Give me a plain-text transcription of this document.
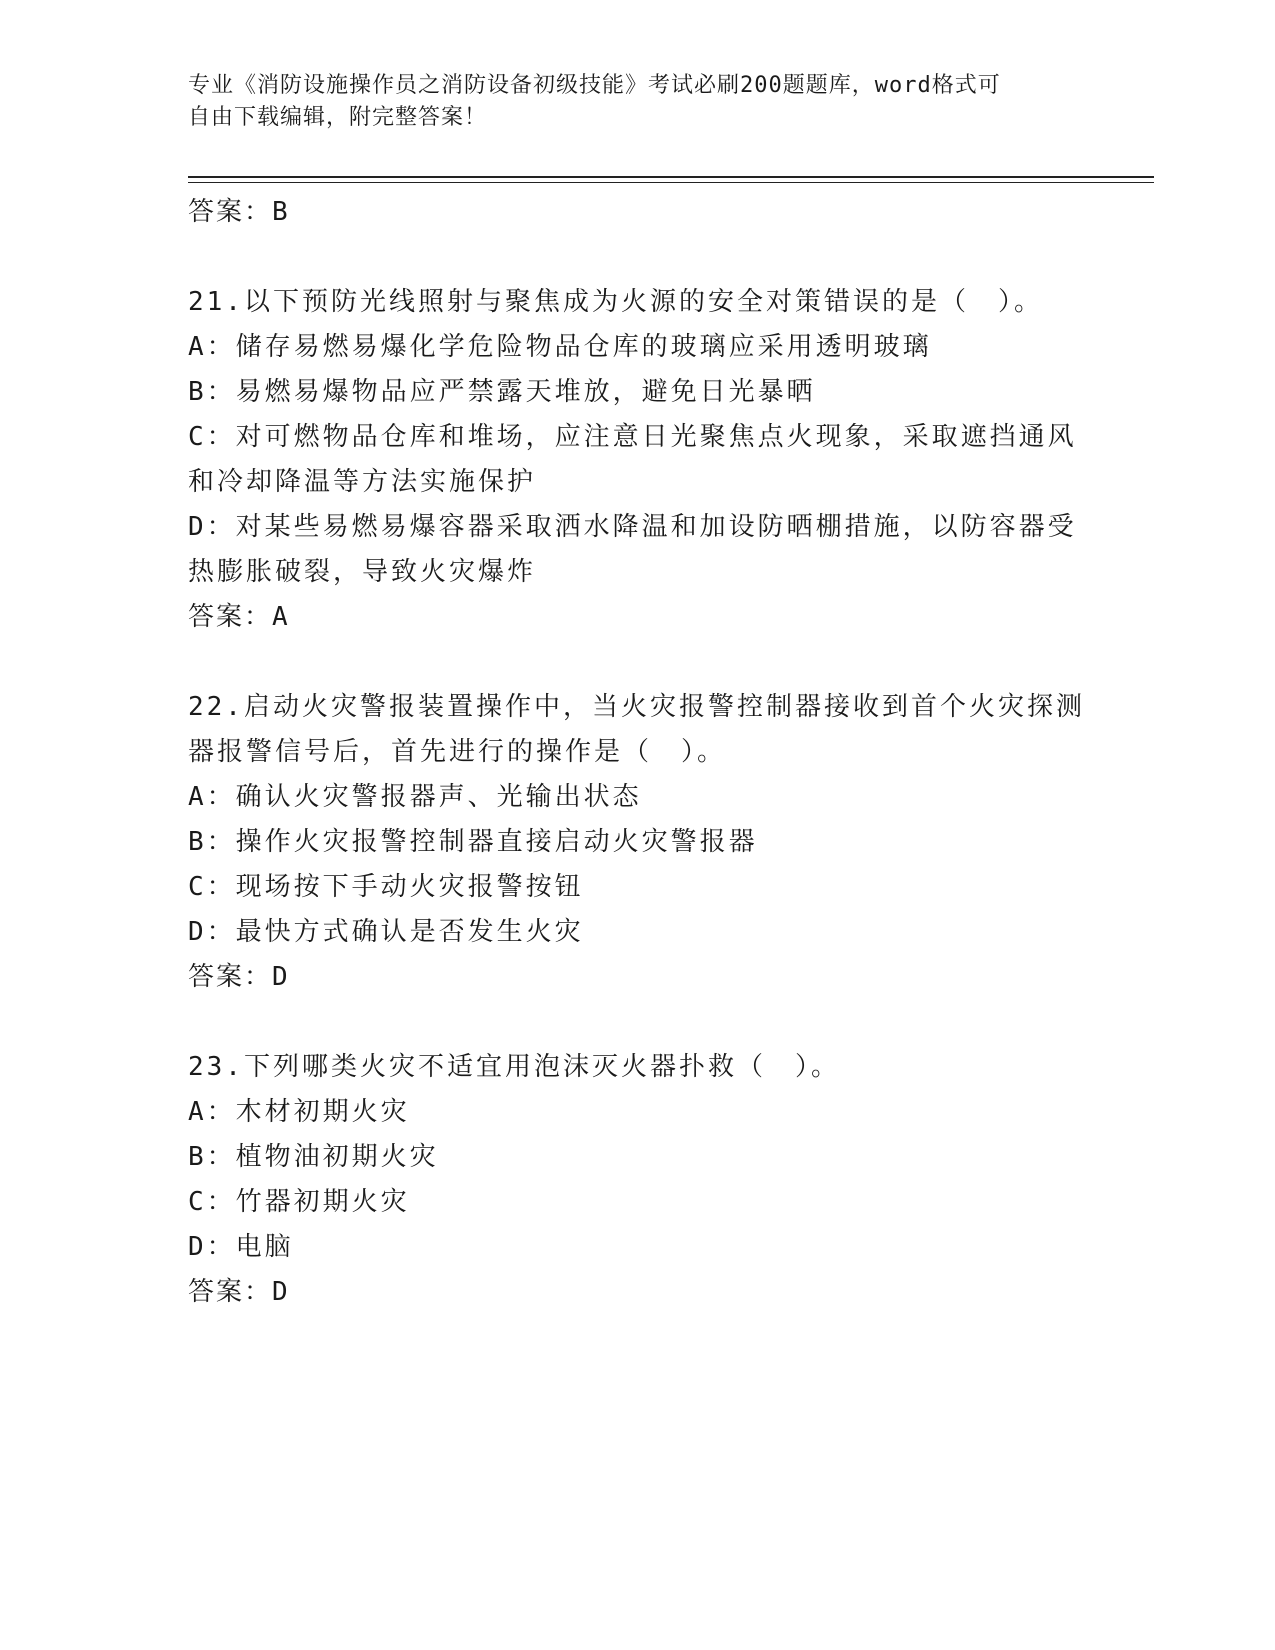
专业《消防设施操作员之消防设备初级技能》考试必刷200题题库，word格式可
自由下载编辑，附完整答案！
答案：B
21.以下预防光线照射与聚焦成为火源的安全对策错误的是（　）。
A：储存易燃易爆化学危险物品仓库的玻璃应采用透明玻璃
B：易燃易爆物品应严禁露天堆放，避免日光暴晒
C：对可燃物品仓库和堆场，应注意日光聚焦点火现象，采取遮挡通风
和冷却降温等方法实施保护
D：对某些易燃易爆容器采取洒水降温和加设防晒棚措施，以防容器受
热膨胀破裂，导致火灾爆炸
答案：A
22.启动火灾警报装置操作中，当火灾报警控制器接收到首个火灾探测
器报警信号后，首先进行的操作是（　）。
A：确认火灾警报器声、光输出状态
B：操作火灾报警控制器直接启动火灾警报器
C：现场按下手动火灾报警按钮
D：最快方式确认是否发生火灾
答案：D
23.下列哪类火灾不适宜用泡沫灭火器扑救（　）。
A：木材初期火灾
B：植物油初期火灾
C：竹器初期火灾
D：电脑
答案：D
